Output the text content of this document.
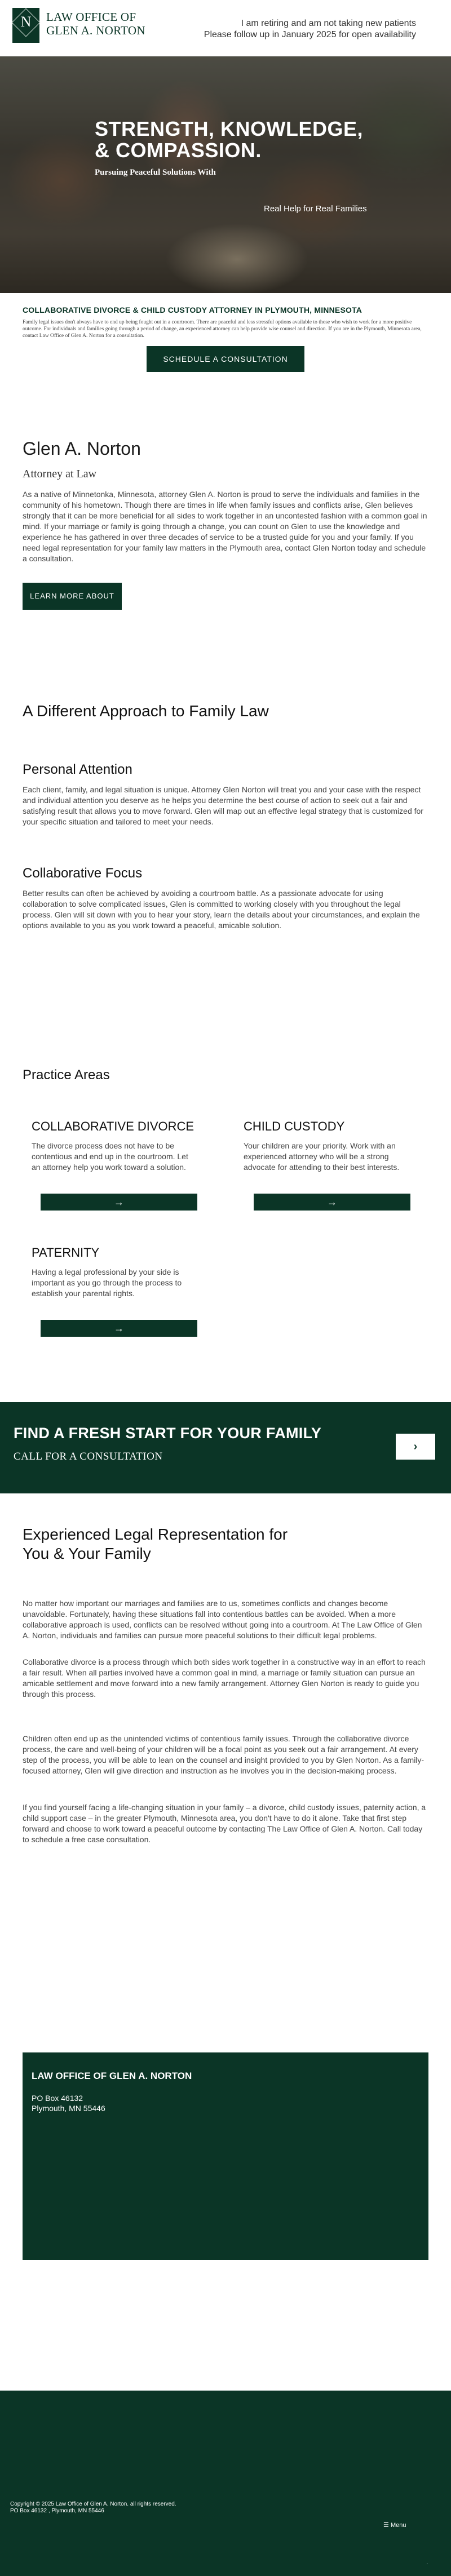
N	LAW OFFICE OF
GLEN A. NORTON
I am retiring and am not taking new patients
Please follow up in January 2025 for open availability
STRENGTH, KNOWLEDGE,
& COMPASSION.
Pursuing Peaceful Solutions With
Real Help for Real Families
COLLABORATIVE DIVORCE & CHILD CUSTODY ATTORNEY IN PLYMOUTH, MINNESOTA
Family legal issues don't always have to end up being fought out in a courtroom. There are peaceful and less stressful options available to those who wish to work for a more positive outcome. For individuals and families going through a period of change, an experienced attorney can help provide wise counsel and direction. If you are in the Plymouth, Minnesota area, contact Law Office of Glen A. Norton for a consultation.
SCHEDULE A CONSULTATION
Glen A. Norton
Attorney at Law
As a native of Minnetonka, Minnesota, attorney Glen A. Norton is proud to serve the individuals and families in the community of his hometown. Though there are times in life when family issues and conflicts arise, Glen believes strongly that it can be more beneficial for all sides to work together in an uncontested fashion with a common goal in mind. If your marriage or family is going through a change, you can count on Glen to use the knowledge and experience he has gathered in over three decades of service to be a trusted guide for you and your family. If you need legal representation for your family law matters in the Plymouth area, contact Glen Norton today and schedule a consultation.
LEARN MORE ABOUT GLEN
A Different Approach to Family Law
Personal Attention
Each client, family, and legal situation is unique. Attorney Glen Norton will treat you and your case with the respect and individual attention you deserve as he helps you determine the best course of action to seek out a fair and satisfying result that allows you to move forward. Glen will map out an effective legal strategy that is customized for your specific situation and tailored to meet your needs.
Collaborative Focus
Better results can often be achieved by avoiding a courtroom battle. As a passionate advocate for using collaboration to solve complicated issues, Glen is committed to working closely with you throughout the legal process. Glen will sit down with you to hear your story, learn the details about your circumstances, and explain the options available to you as you work toward a peaceful, amicable solution.
Practice Areas
COLLABORATIVE DIVORCE
The divorce process does not have to be contentious and end up in the courtroom. Let an attorney help you work toward a solution.
→
CHILD CUSTODY
Your children are your priority. Work with an experienced attorney who will be a strong advocate for attending to their best interests.
→
PATERNITY
Having a legal professional by your side is important as you go through the process to establish your parental rights.
→
FIND A FRESH START FOR YOUR FAMILY
CALL FOR A CONSULTATION
›
Experienced Legal Representation for
You & Your Family
No matter how important our marriages and families are to us, sometimes conflicts and changes become unavoidable. Fortunately, having these situations fall into contentious battles can be avoided. When a more collaborative approach is used, conflicts can be resolved without going into a courtroom. At The Law Office of Glen A. Norton, individuals and families can pursue more peaceful solutions to their difficult legal problems.
Collaborative divorce is a process through which both sides work together in a constructive way in an effort to reach a fair result. When all parties involved have a common goal in mind, a marriage or family situation can pursue an amicable settlement and move forward into a new family arrangement. Attorney Glen Norton is ready to guide you through this process.
Children often end up as the unintended victims of contentious family issues. Through the collaborative divorce process, the care and well-being of your children will be a focal point as you seek out a fair arrangement. At every step of the process, you will be able to lean on the counsel and insight provided to you by Glen Norton. As a family-focused attorney, Glen will give direction and instruction as he involves you in the decision-making process.
If you find yourself facing a life-changing situation in your family – a divorce, child custody issues, paternity action, a child support case – in the greater Plymouth, Minnesota area, you don't have to do it alone. Take that first step forward and choose to work toward a peaceful outcome by contacting The Law Office of Glen A. Norton. Call today to schedule a free case consultation.
LAW OFFICE OF GLEN A. NORTON
PO Box 46132
Plymouth, MN 55446
Copyright © 2025 Law Office of Glen A. Norton. all rights reserved.
PO Box 46132 , Plymouth, MN 55446
☰ Menu
◔
